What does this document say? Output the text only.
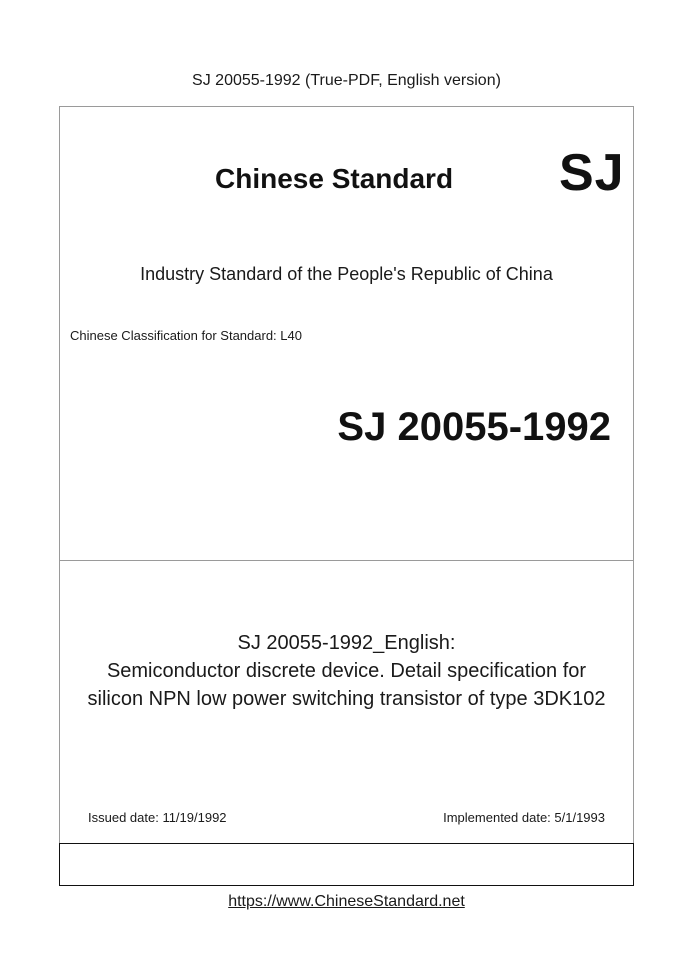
SJ 20055-1992 (True-PDF, English version)
Chinese Standard SJ
Industry Standard of the People's Republic of China
Chinese Classification for Standard: L40
SJ 20055-1992
SJ 20055-1992_English:
Semiconductor discrete device. Detail specification for
silicon NPN low power switching transistor of type 3DK102
Issued date: 11/19/1992	Implemented date: 5/1/1993
https://www.ChineseStandard.net
